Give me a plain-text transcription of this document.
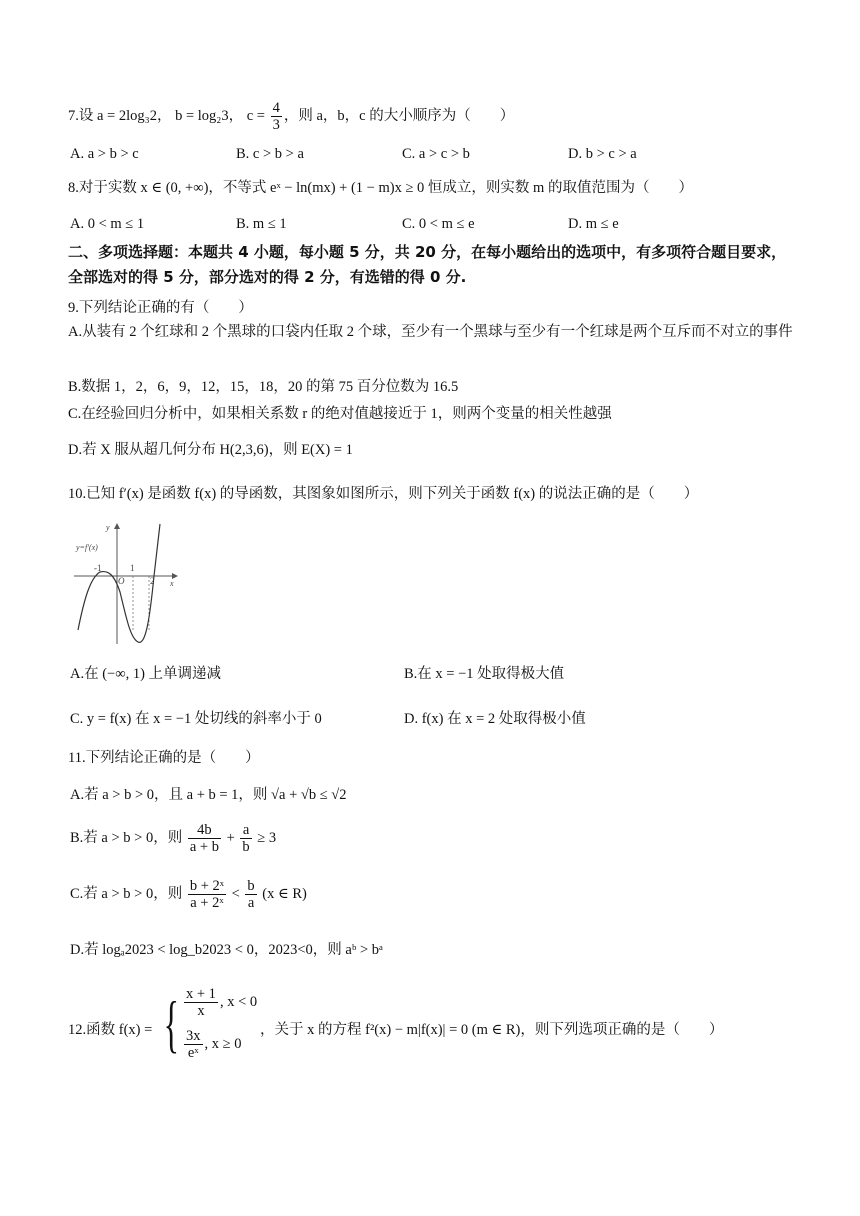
7.设 a = 2log₃2， b = log₂3， $c = \frac{4}{3}$ ，则 a，b，c 的大小顺序为（　　）
A. a > b > c	B. c > b > a	C. a > c > b	D. b > c > a
8.对于实数 x ∈ (0, +∞)，不等式 eˣ − ln(mx) + (1 − m)x ≥ 0 恒成立，则实数 m 的取值范围为（　　）
A. 0 < m ≤ 1	B. m ≤ 1	C. 0 < m ≤ e	D. m ≤ e
二、多项选择题：本题共 4 小题，每小题 5 分，共 20 分，在每小题给出的选项中，有多项符合题目要求，全部选对的得 5 分，部分选对的得 2 分，有选错的得 0 分.
9.下列结论正确的有（　　）
A.从装有 2 个红球和 2 个黑球的口袋内任取 2 个球，至少有一个黑球与至少有一个红球是两个互斥而不对立的事件
B.数据 1，2，6，9，12，15，18，20 的第 75 百分位数为 16.5
C.在经验回归分析中，如果相关系数 r 的绝对值越接近于 1，则两个变量的相关性越强
D.若 X 服从超几何分布 H(2,3,6)，则 E(X) = 1
10.已知 f′(x) 是函数 f(x) 的导函数，其图象如图所示，则下列关于函数 f(x) 的说法正确的是（　　）
y=f′(x)
y
x
O
-1	1
2
A.在 (−∞, 1) 上单调递减	B.在 x = −1 处取得极大值
C. y = f(x) 在 x = −1 处切线的斜率小于 0	D. f(x) 在 x = 2 处取得极小值
11.下列结论正确的是（　　）
A.若 a > b > 0，且 a + b = 1，则 √a + √b ≤ √2
B.若 a > b > 0，则 $\frac{4b}{a + b} + \frac{a}{b} \ge 3$
C.若 a > b > 0，则 $\frac{\text{b + 2ˣ}}{\text{a + 2ˣ}} < \frac{b}{a} (x$ ∈ R)
D.若 logₐ2023 < log_b2023 < 0，2023<0，则 aᵇ > bᵃ
12.函数 f(x) = { $\frac{x + 1}{x}$ , x < 0
$\frac{3x}{\text{eˣ}}$ , x ≥ 0
，关于 x 的方程 f²(x) − m|f(x)| = 0 (m ∈ R)，则下列选项正确的是（　　）
